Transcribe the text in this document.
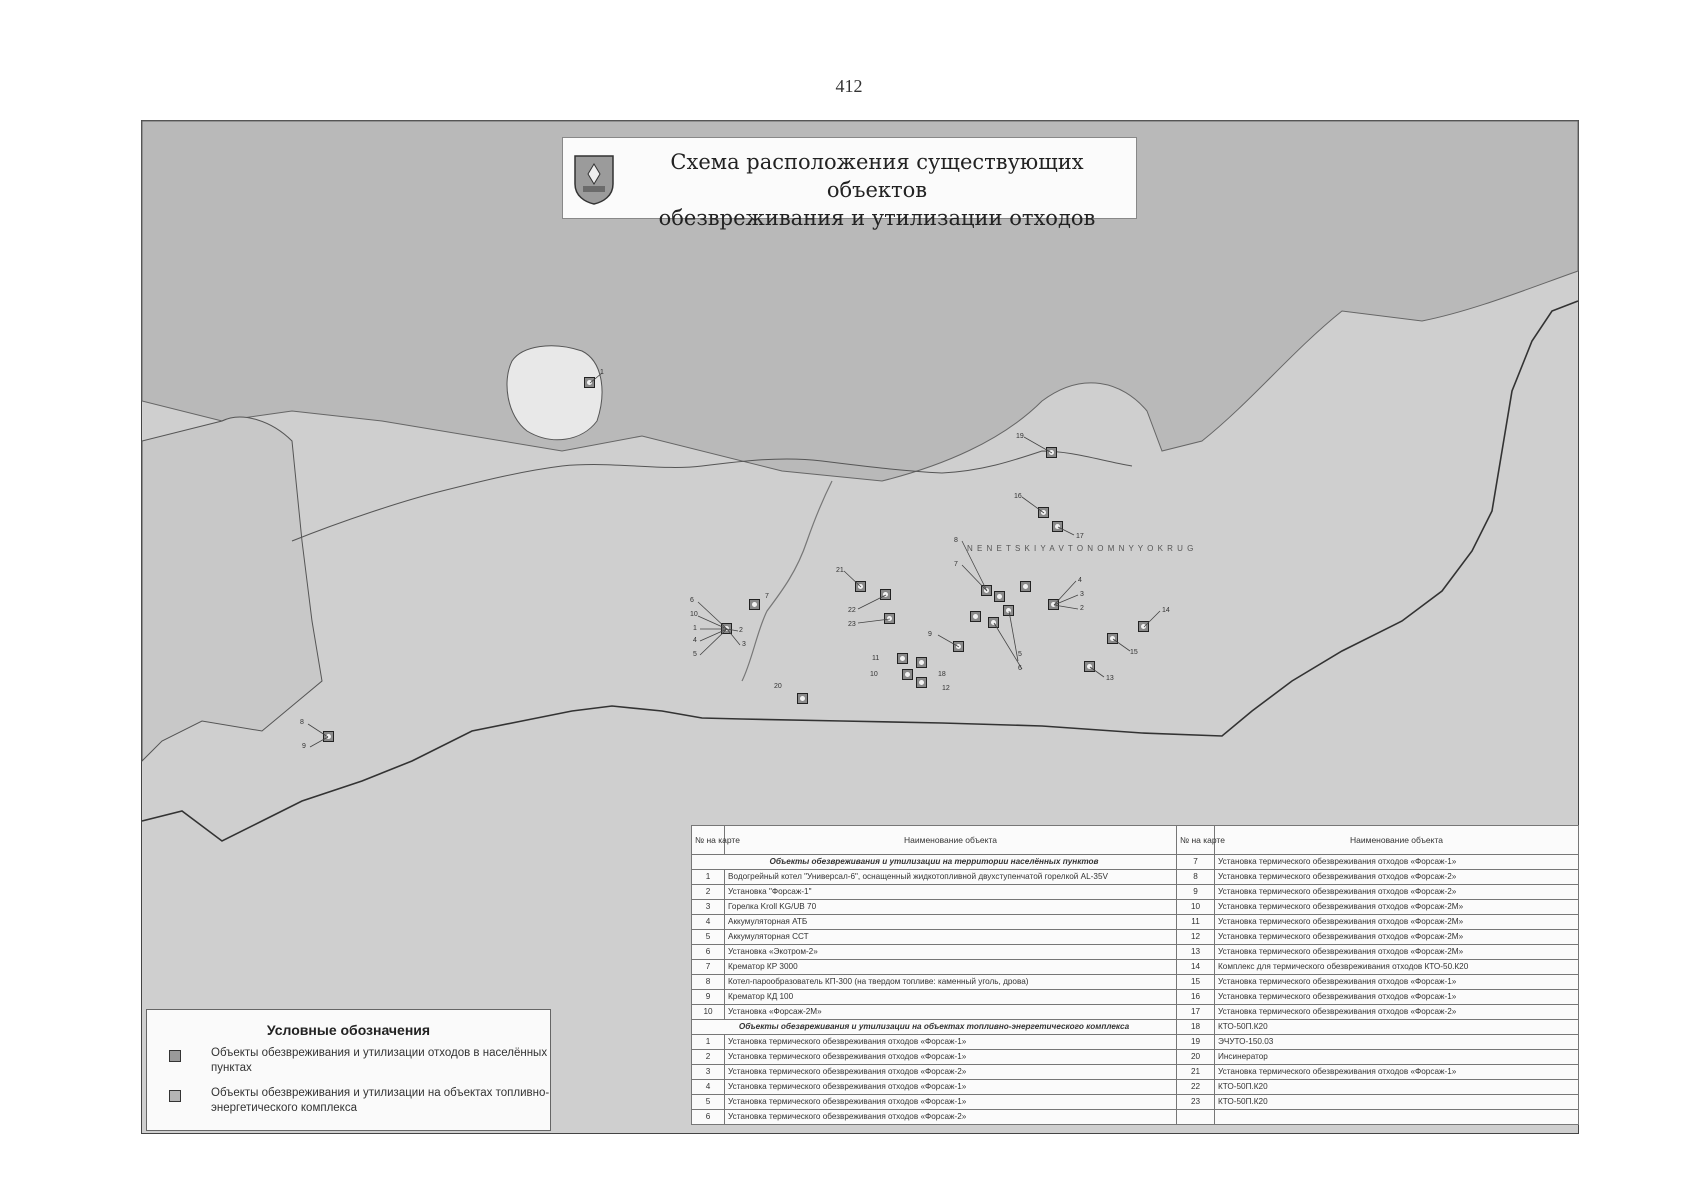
412
N E N E T S K I Y A V T O N O M N Y Y O K R U G
Схема расположения существующих объектов
обезвреживания и утилизации отходов
1
8
9
6
10
1
4
5
2
3
7
19
16
17
21
22
23
9
11
10	18
12
20
8
7
4
3
2
5
6
14
15
13
Условные обозначения
Объекты обезвреживания и утилизации отходов в населённых пунктах
Объекты обезвреживания и утилизации на объектах топливно-энергетического комплекса
№ на карте	Наименование объекта	№ на карте	Наименование объекта
Объекты обезвреживания и утилизации на территории населённых пунктов		7	Установка термического обезвреживания отходов «Форсаж-1»
1	Водогрейный котел "Универсал-6", оснащенный жидкотопливной двухступенчатой горелкой AL-35V	8	Установка термического обезвреживания отходов «Форсаж-2»
2	Установка "Форсаж-1"	9	Установка термического обезвреживания отходов «Форсаж-2»
3	Горелка Kroll KG/UB 70	10	Установка термического обезвреживания отходов «Форсаж-2М»
4	Аккумуляторная АТБ	11	Установка термического обезвреживания отходов «Форсаж-2М»
5	Аккумуляторная ССТ	12	Установка термического обезвреживания отходов «Форсаж-2М»
6	Установка «Экотром-2»	13	Установка термического обезвреживания отходов «Форсаж-2М»
7	Крематор КР 3000	14	Комплекс для термического обезвреживания отходов КТО-50.К20
8	Котел-парообразователь КП-300 (на твердом топливе: каменный уголь, дрова)	15	Установка термического обезвреживания отходов «Форсаж-1»
9	Крематор КД 100	16	Установка термического обезвреживания отходов «Форсаж-1»
10	Установка «Форсаж-2М»	17	Установка термического обезвреживания отходов «Форсаж-2»
Объекты обезвреживания и утилизации на объектах топливно-энергетического комплекса		18	КТО-50П.К20
1	Установка термического обезвреживания отходов «Форсаж-1»	19	ЭЧУТО-150.03
2	Установка термического обезвреживания отходов «Форсаж-1»	20	Инсинератор
3	Установка термического обезвреживания отходов «Форсаж-2»	21	Установка термического обезвреживания отходов «Форсаж-1»
4	Установка термического обезвреживания отходов «Форсаж-1»	22	КТО-50П.К20
5	Установка термического обезвреживания отходов «Форсаж-1»	23	КТО-50П.К20
6	Установка термического обезвреживания отходов «Форсаж-2»		
